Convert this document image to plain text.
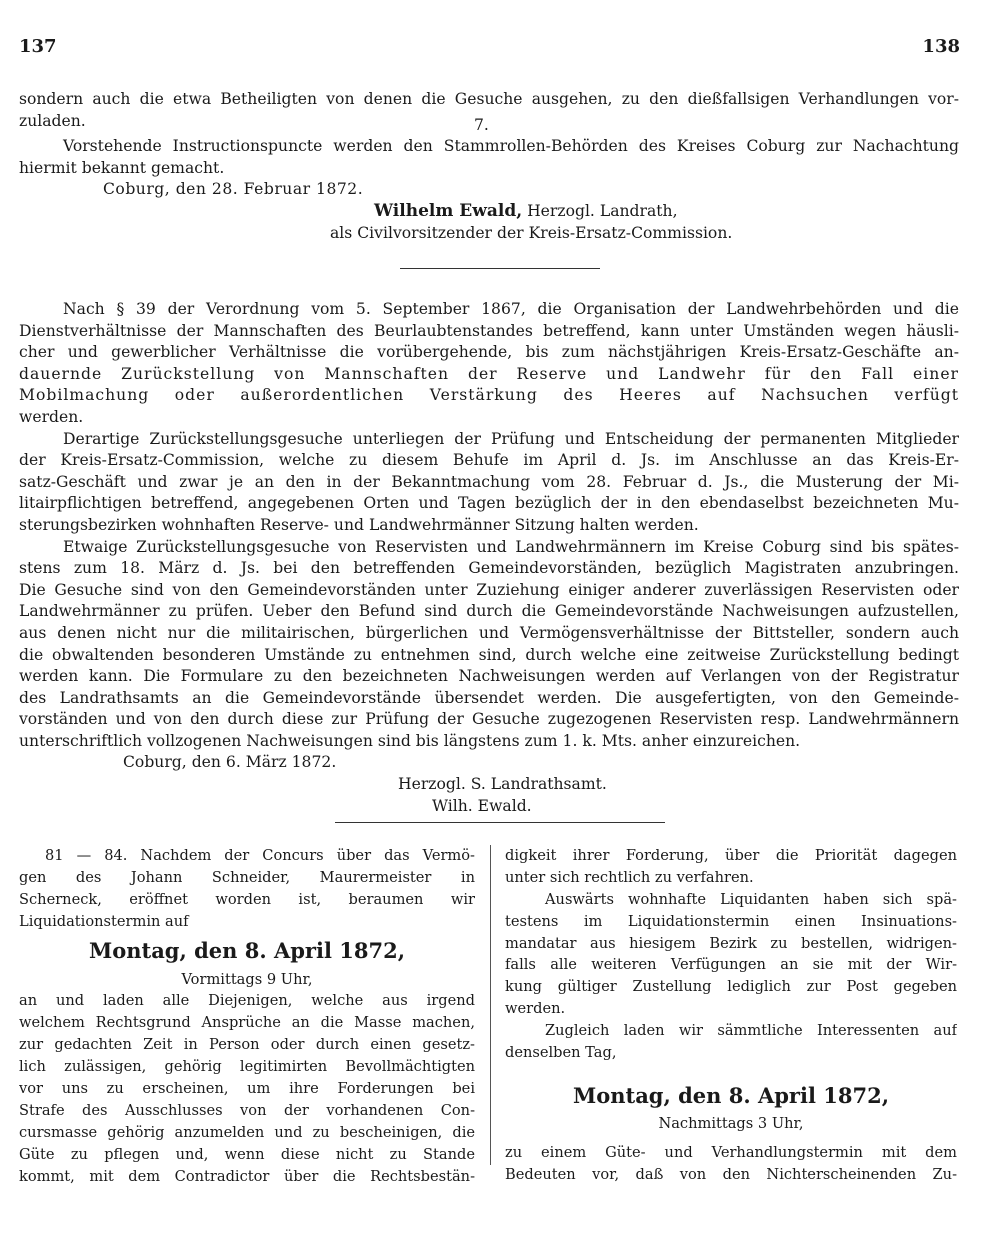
137	138
sondern auch die etwa Betheiligten von denen die Gesuche ausgehen, zu den dießfallsigen Verhandlungen vor-
zuladen.	7.
Vorstehende Instructionspuncte werden den Stammrollen-Behörden des Kreises Coburg zur Nachachtung
hiermit bekannt gemacht.
Coburg, den 28. Februar 1872.
Wilhelm Ewald, Herzogl. Landrath,
als Civilvorsitzender der Kreis-Ersatz-Commission.
Nach § 39 der Verordnung vom 5. September 1867, die Organisation der Landwehrbehörden und die
Dienstverhältnisse der Mannschaften des Beurlaubtenstandes betreffend, kann unter Umständen wegen häusli-
cher und gewerblicher Verhältnisse die vorübergehende, bis zum nächstjährigen Kreis-Ersatz-Geschäfte an-
dauernde Zurückstellung von Mannschaften der Reserve und Landwehr für den Fall einer
Mobilmachung oder außerordentlichen Verstärkung des Heeres auf Nachsuchen verfügt
werden.
Derartige Zurückstellungsgesuche unterliegen der Prüfung und Entscheidung der permanenten Mitglieder
der Kreis-Ersatz-Commission, welche zu diesem Behufe im April d. Js. im Anschlusse an das Kreis-Er-
satz-Geschäft und zwar je an den in der Bekanntmachung vom 28. Februar d. Js., die Musterung der Mi-
litairpflichtigen betreffend, angegebenen Orten und Tagen bezüglich der in den ebendaselbst bezeichneten Mu-
sterungsbezirken wohnhaften Reserve- und Landwehrmänner Sitzung halten werden.
Etwaige Zurückstellungsgesuche von Reservisten und Landwehrmännern im Kreise Coburg sind bis spätes-
stens zum 18. März d. Js. bei den betreffenden Gemeindevorständen, bezüglich Magistraten anzubringen.
Die Gesuche sind von den Gemeindevorständen unter Zuziehung einiger anderer zuverlässigen Reservisten oder
Landwehrmänner zu prüfen. Ueber den Befund sind durch die Gemeindevorstände Nachweisungen aufzustellen,
aus denen nicht nur die militairischen, bürgerlichen und Vermögensverhältnisse der Bittsteller, sondern auch
die obwaltenden besonderen Umstände zu entnehmen sind, durch welche eine zeitweise Zurückstellung bedingt
werden kann. Die Formulare zu den bezeichneten Nachweisungen werden auf Verlangen von der Registratur
des Landrathsamts an die Gemeindevorstände übersendet werden. Die ausgefertigten, von den Gemeinde-
vorständen und von den durch diese zur Prüfung der Gesuche zugezogenen Reservisten resp. Landwehrmännern
unterschriftlich vollzogenen Nachweisungen sind bis längstens zum 1. k. Mts. anher einzureichen.
Coburg, den 6. März 1872.
Herzogl. S. Landrathsamt.
Wilh. Ewald.
81 — 84. Nachdem der Concurs über das Vermö-
gen des Johann Schneider, Maurermeister in
Scherneck, eröffnet worden ist, beraumen wir
Liquidationstermin auf
Montag, den 8. April 1872,
Vormittags 9 Uhr,
an und laden alle Diejenigen, welche aus irgend
welchem Rechtsgrund Ansprüche an die Masse machen,
zur gedachten Zeit in Person oder durch einen gesetz-
lich zulässigen, gehörig legitimirten Bevollmächtigten
vor uns zu erscheinen, um ihre Forderungen bei
Strafe des Ausschlusses von der vorhandenen Con-
cursmasse gehörig anzumelden und zu bescheinigen, die
Güte zu pflegen und, wenn diese nicht zu Stande
kommt, mit dem Contradictor über die Rechtsbestän-
digkeit ihrer Forderung, über die Priorität dagegen
unter sich rechtlich zu verfahren.
Auswärts wohnhafte Liquidanten haben sich spä-
testens im Liquidationstermin einen Insinuations-
mandatar aus hiesigem Bezirk zu bestellen, widrigen-
falls alle weiteren Verfügungen an sie mit der Wir-
kung gültiger Zustellung lediglich zur Post gegeben
werden.
Zugleich laden wir sämmtliche Interessenten auf
denselben Tag,
Montag, den 8. April 1872,
Nachmittags 3 Uhr,
zu einem Güte- und Verhandlungstermin mit dem
Bedeuten vor, daß von den Nichterscheinenden Zu-
